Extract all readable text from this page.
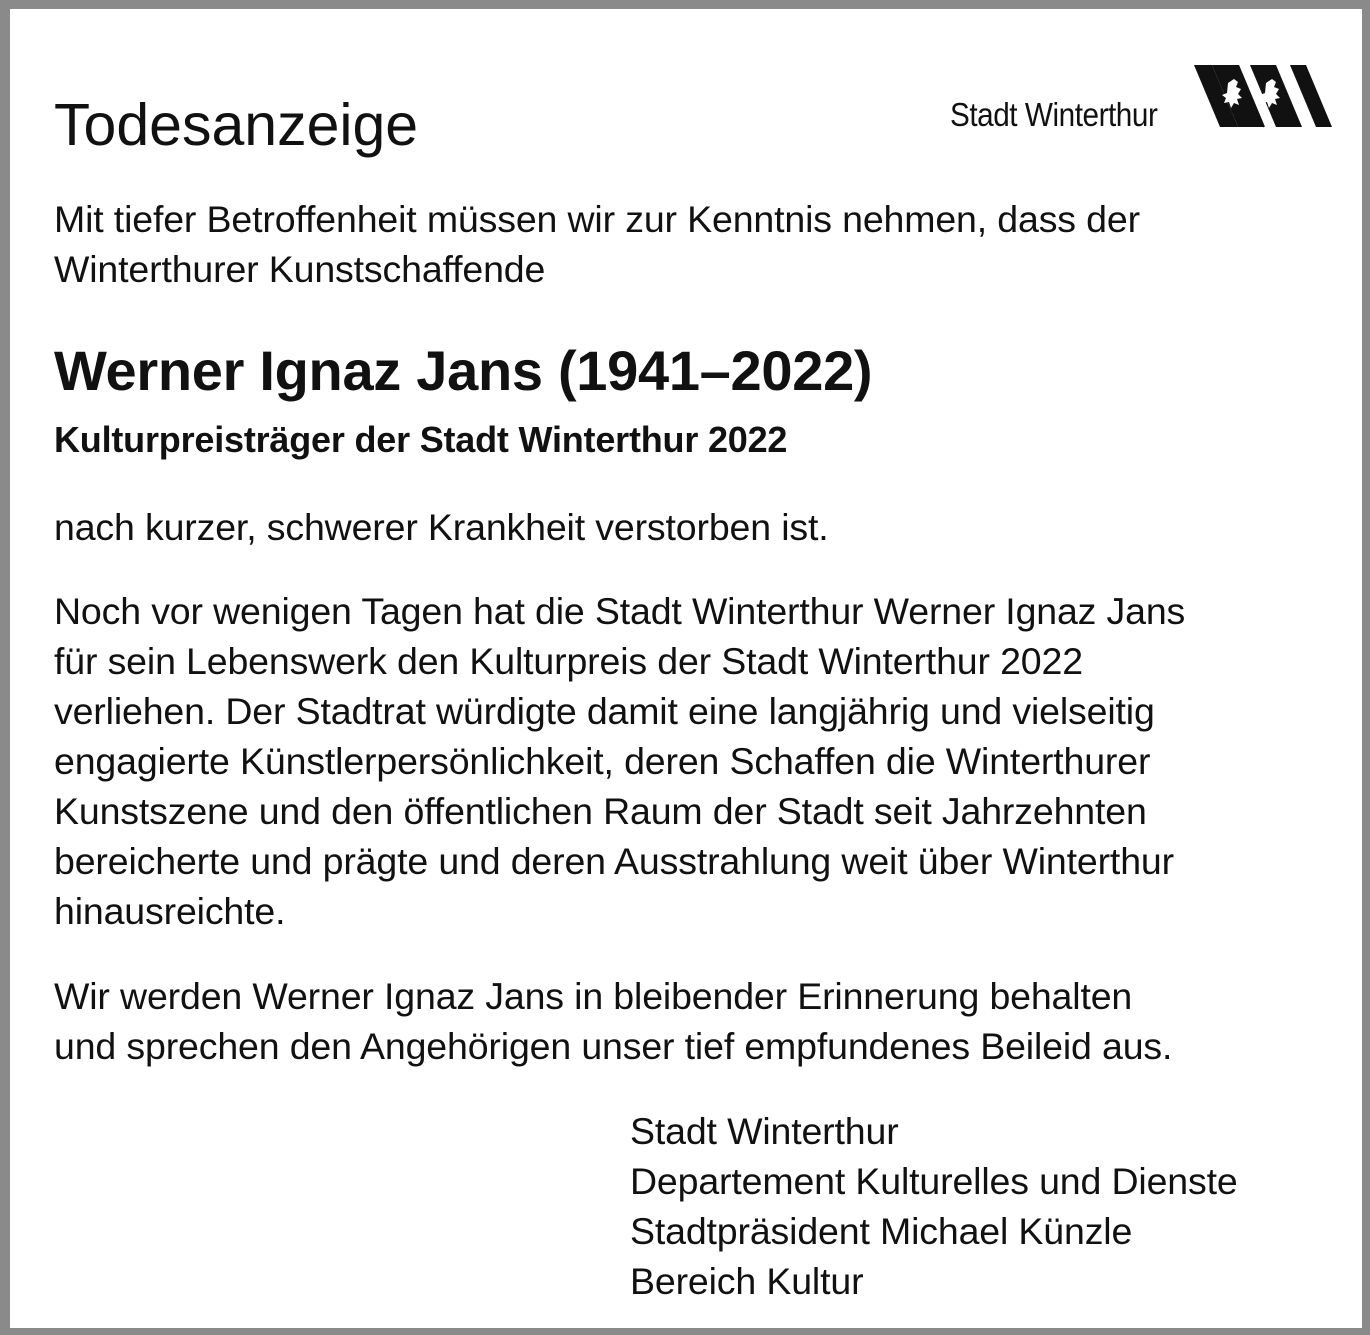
Todesanzeige	Stadt Winterthur

Mit tiefer Betroffenheit müssen wir zur Kenntnis nehmen, dass der
Winterthurer Kunstschaffende

Werner Ignaz Jans (1941–2022)
Kulturpreisträger der Stadt Winterthur 2022

nach kurzer, schwerer Krankheit verstorben ist.

Noch vor wenigen Tagen hat die Stadt Winterthur Werner Ignaz Jans
für sein Lebenswerk den Kulturpreis der Stadt Winterthur 2022
verliehen. Der Stadtrat würdigte damit eine langjährig und vielseitig
engagierte Künstlerpersönlichkeit, deren Schaffen die Winterthurer
Kunstszene und den öffentlichen Raum der Stadt seit Jahrzehnten
bereicherte und prägte und deren Ausstrahlung weit über Winterthur
hinausreichte.

Wir werden Werner Ignaz Jans in bleibender Erinnerung behalten
und sprechen den Angehörigen unser tief empfundenes Beileid aus.

Stadt Winterthur
Departement Kulturelles und Dienste
Stadtpräsident Michael Künzle
Bereich Kultur
